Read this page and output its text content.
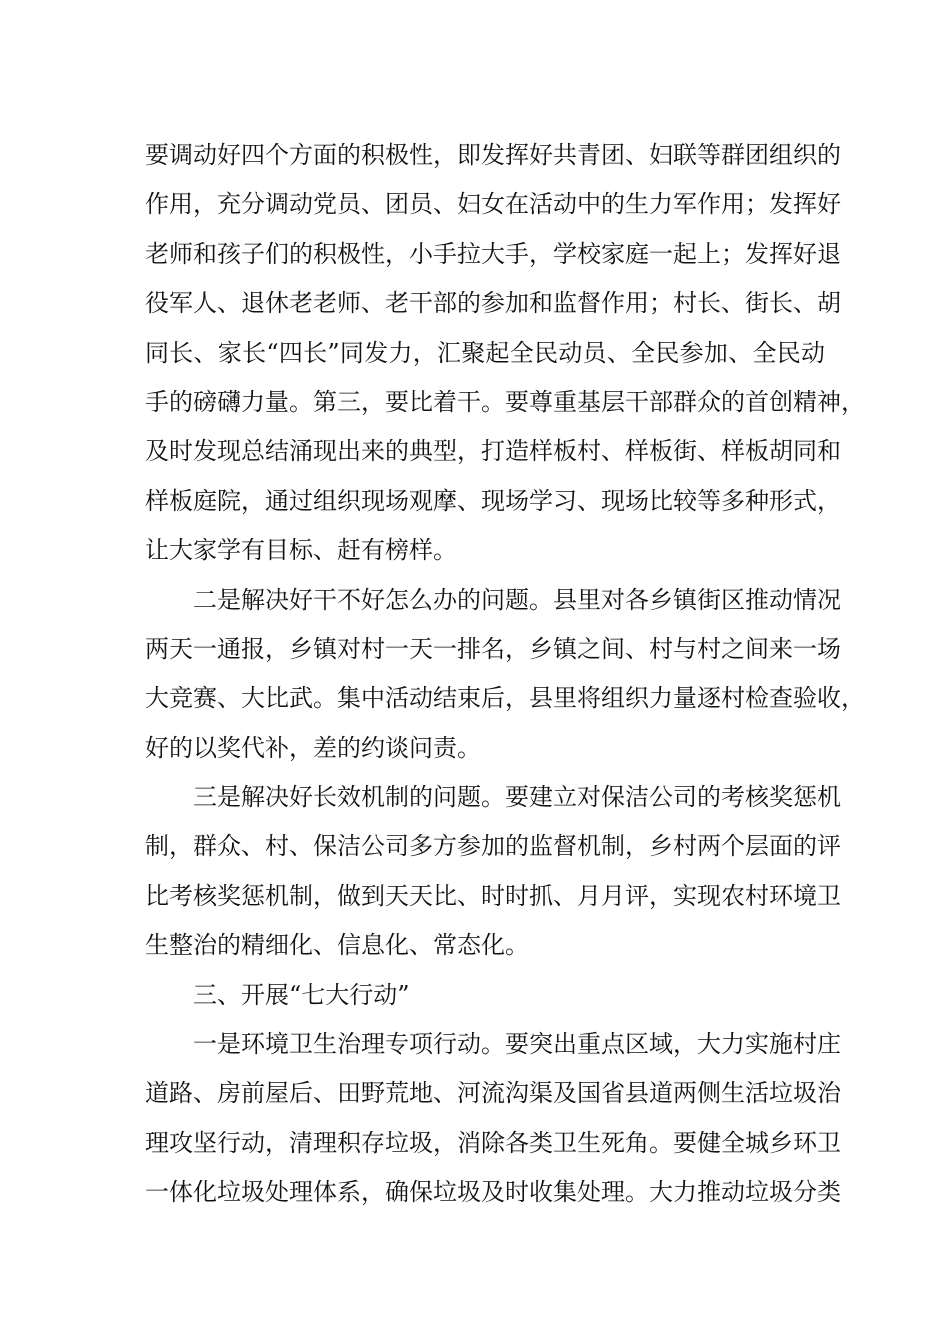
要调动好四个方面的积极性，即发挥好共青团、妇联等群团组织的
作用，充分调动党员、团员、妇女在活动中的生力军作用；发挥好
老师和孩子们的积极性，小手拉大手，学校家庭一起上；发挥好退
役军人、退休老老师、老干部的参加和监督作用；村长、街长、胡
同长、家长“四长”同发力，汇聚起全民动员、全民参加、全民动
手的磅礴力量。第三，要比着干。要尊重基层干部群众的首创精神，
及时发现总结涌现出来的典型，打造样板村、样板街、样板胡同和
样板庭院，通过组织现场观摩、现场学习、现场比较等多种形式，
让大家学有目标、赶有榜样。
二是解决好干不好怎么办的问题。县里对各乡镇街区推动情况
两天一通报，乡镇对村一天一排名，乡镇之间、村与村之间来一场
大竞赛、大比武。集中活动结束后，县里将组织力量逐村检查验收，
好的以奖代补，差的约谈问责。
三是解决好长效机制的问题。要建立对保洁公司的考核奖惩机
制，群众、村、保洁公司多方参加的监督机制，乡村两个层面的评
比考核奖惩机制，做到天天比、时时抓、月月评，实现农村环境卫
生整治的精细化、信息化、常态化。
三、开展“七大行动”
一是环境卫生治理专项行动。要突出重点区域，大力实施村庄
道路、房前屋后、田野荒地、河流沟渠及国省县道两侧生活垃圾治
理攻坚行动，清理积存垃圾，消除各类卫生死角。要健全城乡环卫
一体化垃圾处理体系，确保垃圾及时收集处理。大力推动垃圾分类
